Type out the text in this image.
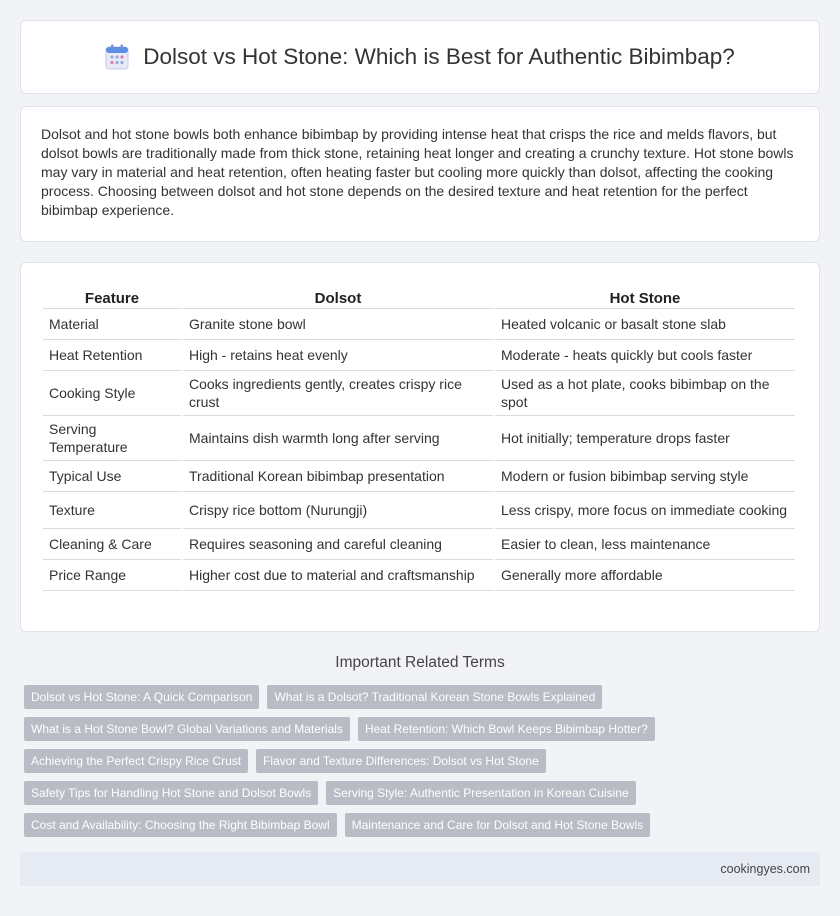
Dolsot vs Hot Stone: Which is Best for Authentic Bibimbap?

Dolsot and hot stone bowls both enhance bibimbap by providing intense heat that crisps the rice and melds flavors, but dolsot bowls are traditionally made from thick stone, retaining heat longer and creating a crunchy texture. Hot stone bowls may vary in material and heat retention, often heating faster but cooling more quickly than dolsot, affecting the cooking process. Choosing between dolsot and hot stone depends on the desired texture and heat retention for the perfect bibimbap experience.

Feature	Dolsot	Hot Stone
Material	Granite stone bowl	Heated volcanic or basalt stone slab
Heat Retention	High - retains heat evenly	Moderate - heats quickly but cools faster
Cooking Style	Cooks ingredients gently, creates crispy rice crust	Used as a hot plate, cooks bibimbap on the spot
Serving Temperature	Maintains dish warmth long after serving	Hot initially; temperature drops faster
Typical Use	Traditional Korean bibimbap presentation	Modern or fusion bibimbap serving style
Texture	Crispy rice bottom (Nurungji)	Less crispy, more focus on immediate cooking
Cleaning & Care	Requires seasoning and careful cleaning	Easier to clean, less maintenance
Price Range	Higher cost due to material and craftsmanship	Generally more affordable
Important Related Terms
Dolsot vs Hot Stone: A Quick Comparison	What is a Dolsot? Traditional Korean Stone Bowls Explained
What is a Hot Stone Bowl? Global Variations and Materials	Heat Retention: Which Bowl Keeps Bibimbap Hotter?
Achieving the Perfect Crispy Rice Crust	Flavor and Texture Differences: Dolsot vs Hot Stone
Safety Tips for Handling Hot Stone and Dolsot Bowls	Serving Style: Authentic Presentation in Korean Cuisine
Cost and Availability: Choosing the Right Bibimbap Bowl	Maintenance and Care for Dolsot and Hot Stone Bowls
cookingyes.com
